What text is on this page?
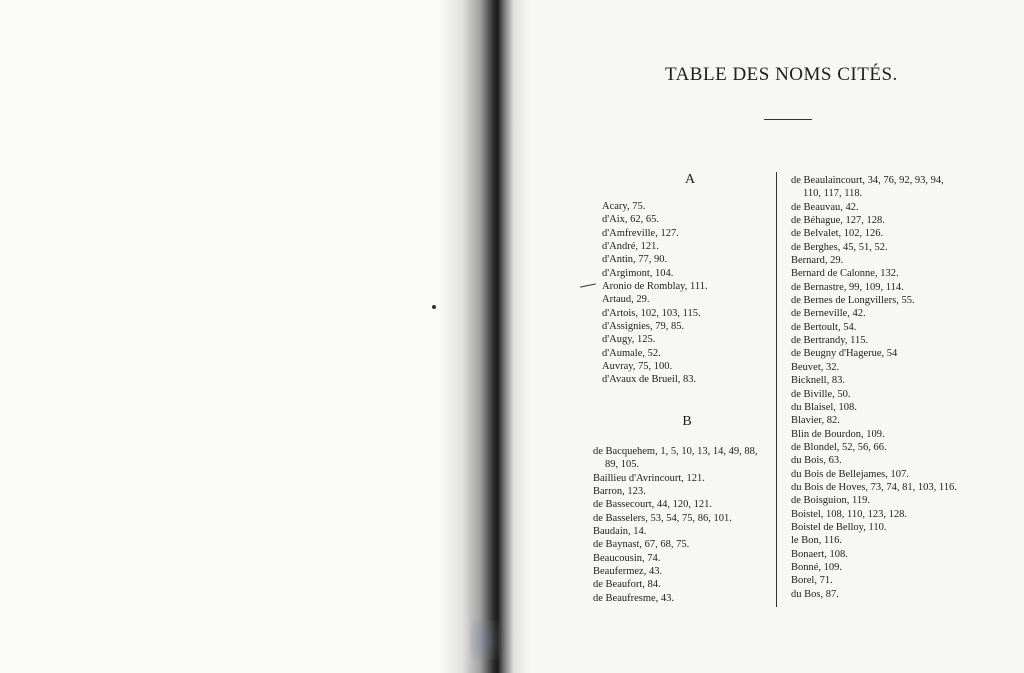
TABLE DES NOMS CITÉS.
A
Acary, 75.
d'Aix, 62, 65.
d'Amfreville, 127.
d'André, 121.
d'Antin, 77, 90.
d'Argimont, 104.
Aronio de Romblay, 111.
Artaud, 29.
d'Artois, 102, 103, 115.
d'Assignies, 79, 85.
d'Augy, 125.
d'Aumale, 52.
Auvray, 75, 100.
d'Avaux de Brueil, 83.
B
de Bacquehem, 1, 5, 10, 13, 14, 49, 88,
89, 105.
Baillieu d'Avrincourt, 121.
Barron, 123.
de Bassecourt, 44, 120, 121.
de Basselers, 53, 54, 75, 86, 101.
Baudain, 14.
de Baynast, 67, 68, 75.
Beaucousin, 74.
Beaufermez, 43.
de Beaufort, 84.
de Beaufresme, 43.
de Beaulaincourt, 34, 76, 92, 93, 94,
110, 117, 118.
de Beauvau, 42.
de Béhague, 127, 128.
de Belvalet, 102, 126.
de Berghes, 45, 51, 52.
Bernard, 29.
Bernard de Calonne, 132.
de Bernastre, 99, 109, 114.
de Bernes de Longvillers, 55.
de Berneville, 42.
de Bertoult, 54.
de Bertrandy, 115.
de Beugny d'Hagerue, 54
Beuvet, 32.
Bicknell, 83.
de Biville, 50.
du Blaisel, 108.
Blavier, 82.
Blin de Bourdon, 109.
de Blondel, 52, 56, 66.
du Bois, 63.
du Bois de Bellejames, 107.
du Bois de Hoves, 73, 74, 81, 103, 116.
de Boisguion, 119.
Boistel, 108, 110, 123, 128.
Boistel de Belloy, 110.
le Bon, 116.
Bonaert, 108.
Bonné, 109.
Borel, 71.
du Bos, 87.
